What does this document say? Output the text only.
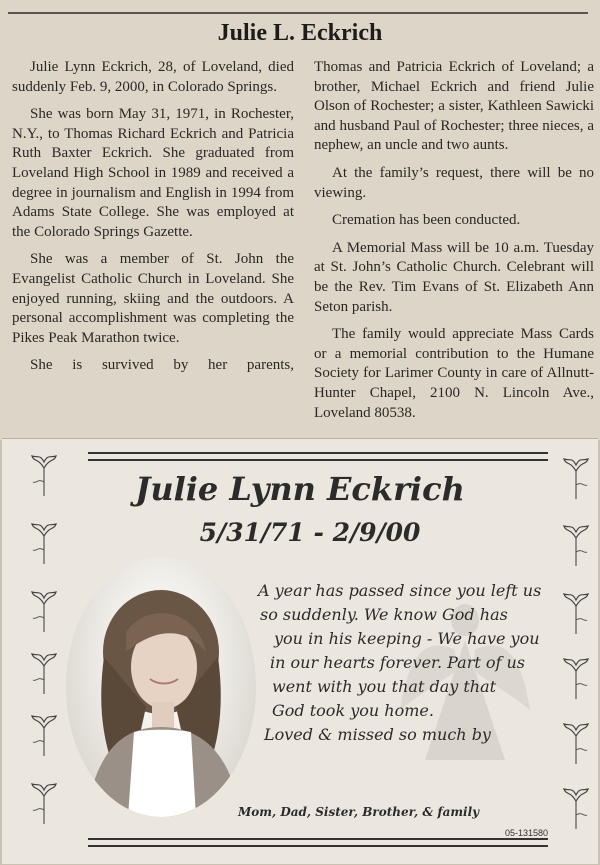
Julie L. Eckrich

Julie Lynn Eckrich, 28, of Loveland, died suddenly Feb. 9, 2000, in Colorado Springs.

She was born May 31, 1971, in Rochester, N.Y., to Thomas Richard Eckrich and Patricia Ruth Baxter Eckrich. She graduated from Loveland High School in 1989 and received a degree in journalism and English in 1994 from Adams State College. She was employed at the Colorado Springs Gazette.

She was a member of St. John the Evangelist Catholic Church in Loveland. She enjoyed running, skiing and the outdoors. A personal accomplishment was completing the Pikes Peak Marathon twice.

She is survived by her parents,

Thomas and Patricia Eckrich of Loveland; a brother, Michael Eckrich and friend Julie Olson of Rochester; a sister, Kathleen Sawicki and husband Paul of Rochester; three nieces, a nephew, an uncle and two aunts.

At the family’s request, there will be no viewing.

Cremation has been conducted.

A Memorial Mass will be 10 a.m. Tuesday at St. John’s Catholic Church. Celebrant will be the Rev. Tim Evans of St. Elizabeth Ann Seton parish.

The family would appreciate Mass Cards or a memorial contribution to the Humane Society for Larimer County in care of Allnutt-Hunter Chapel, 2100 N. Lincoln Ave., Loveland 80538.

Julie Lynn Eckrich
5/31/71 - 2/9/00
A year has passed since you left us
so suddenly. We know God has
you in his keeping - We have you
in our hearts forever. Part of us
went with you that day that
God took you home.
Loved & missed so much by
Mom, Dad, Sister, Brother, & family
05-131580
